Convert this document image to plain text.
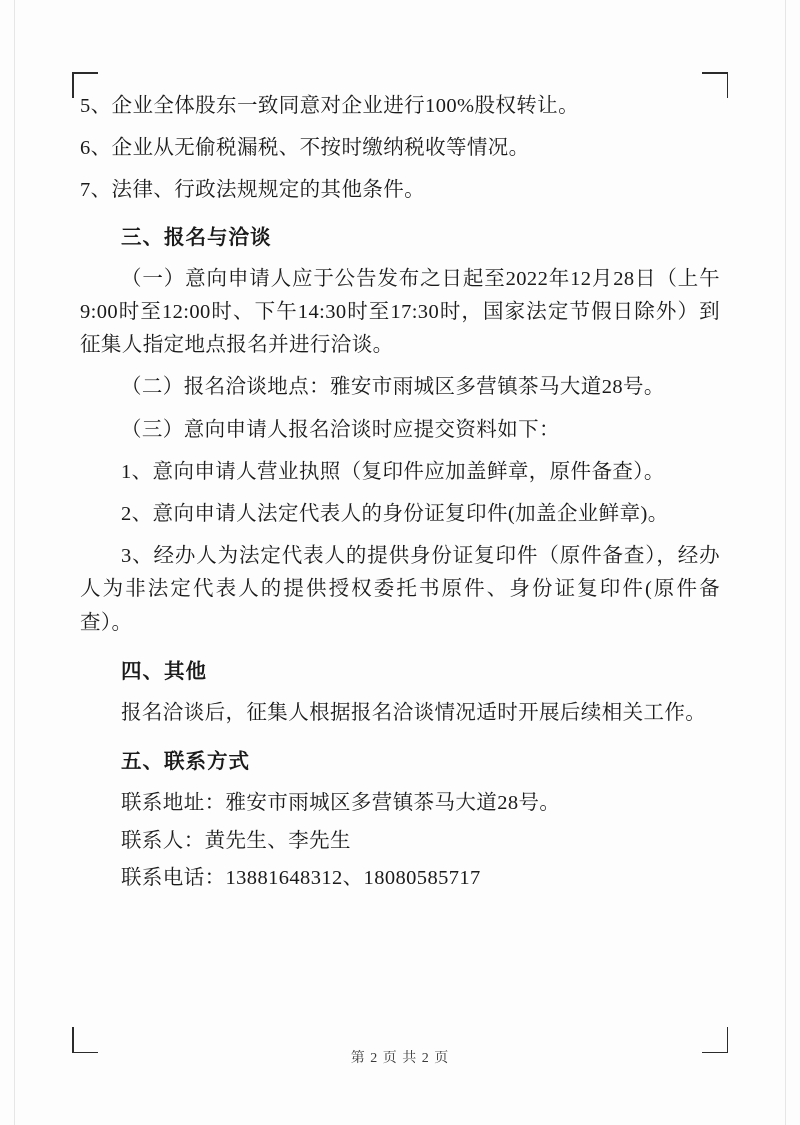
5、企业全体股东一致同意对企业进行100%股权转让。

6、企业从无偷税漏税、不按时缴纳税收等情况。

7、法律、行政法规规定的其他条件。

三、报名与洽谈

（一）意向申请人应于公告发布之日起至2022年12月28日（上午9:00时至12:00时、下午14:30时至17:30时，国家法定节假日除外）到征集人指定地点报名并进行洽谈。

（二）报名洽谈地点：雅安市雨城区多营镇茶马大道28号。

（三）意向申请人报名洽谈时应提交资料如下：

1、意向申请人营业执照（复印件应加盖鲜章，原件备查）。

2、意向申请人法定代表人的身份证复印件(加盖企业鲜章)。

3、经办人为法定代表人的提供身份证复印件（原件备查），经办人为非法定代表人的提供授权委托书原件、身份证复印件(原件备查）。

四、其他

报名洽谈后，征集人根据报名洽谈情况适时开展后续相关工作。

五、联系方式

联系地址：雅安市雨城区多营镇茶马大道28号。

联系人：黄先生、李先生

联系电话：13881648312、18080585717

第 2 页 共 2 页
